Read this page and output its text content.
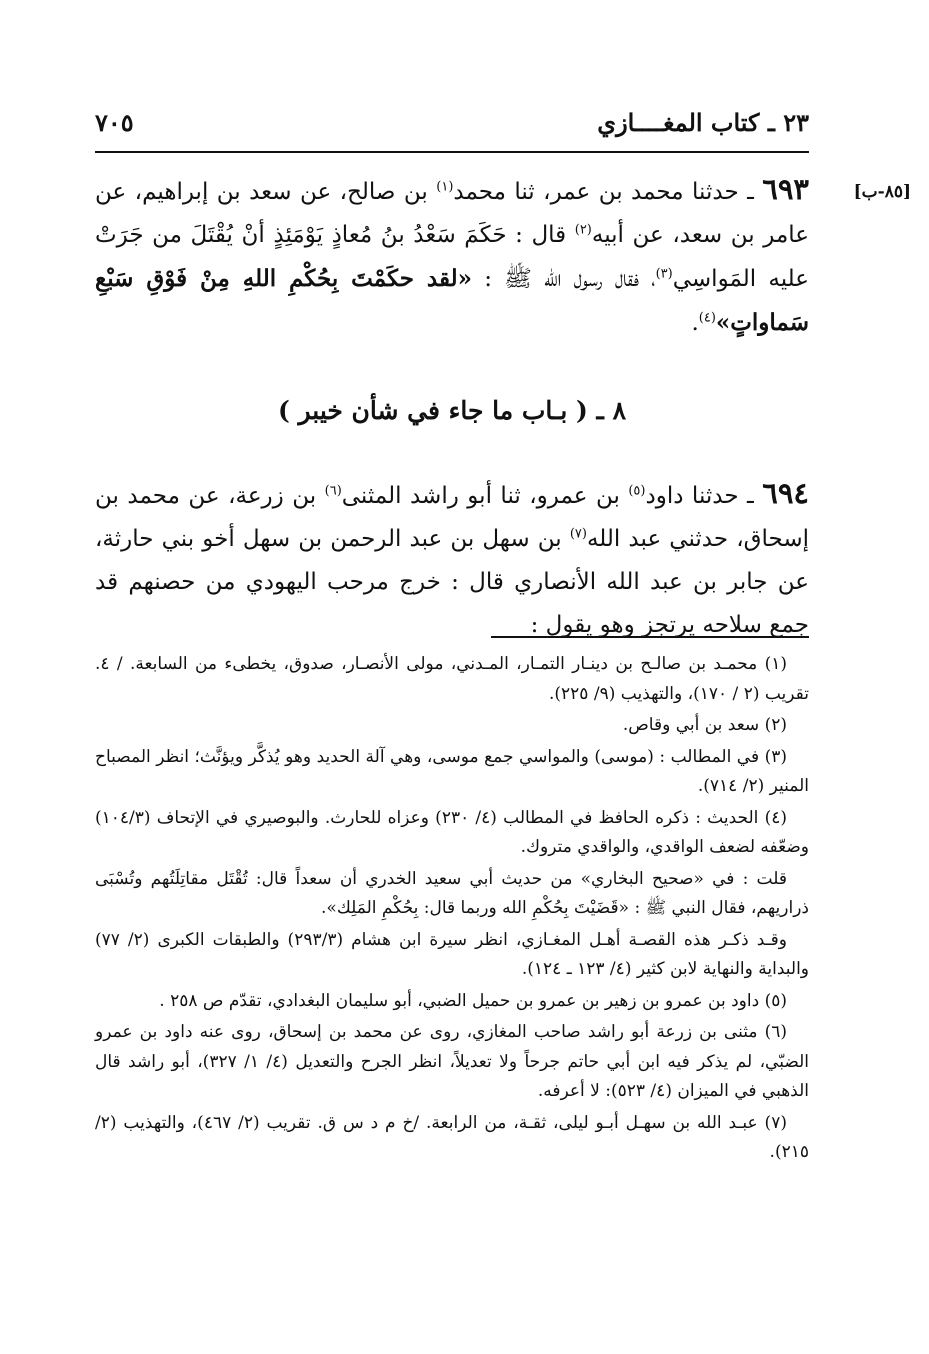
٢٣ ـ كتاب المغــــازي
٧٠٥
[٨٥-ب]

٦٩٣ ـ حدثنا محمد بن عمر، ثنا محمد$^{(١)}$ بن صالح، عن سعد بن إبراهيم، عن عامر بن سعد، عن أبيه$^{(٢)}$ قال : حَكَمَ سَعْدُ بنُ مُعاذٍ يَوْمَئِذٍ أنْ يُقْتَلَ من جَرَتْ عليه المَواسِي$^{(٣)}$، فقال رسول الله ﷺ : «لقد حكَمْتَ بِحُكْمِ اللهِ مِنْ فَوْقِ سَبْعِ سَماواتٍ»$^{(٤)}$.

٨ ـ ( بـاب ما جاء في شأن خيبر )

٦٩٤ ـ حدثنا داود$^{(٥)}$ بن عمرو، ثنا أبو راشد المثنى$^{(٦)}$ بن زرعة، عن محمد بن إسحاق، حدثني عبد الله$^{(٧)}$ بن سهل بن عبد الرحمن بن سهل أخو بني حارثة، عن جابر بن عبد الله الأنصاري قال : خرج مرحب اليهودي من حصنهم قد جمع سلاحه يرتجز وهو يقول :

(١) محمـد بن صالـح بن دينـار التمـار، المـدني، مولى الأنصـار، صدوق، يخطىء من السابعة. / ٤. تقريب (٢ / ١٧٠)، والتهذيب (٩/ ٢٢٥).

(٢) سعد بن أبي وقاص.

(٣) في المطالب : (موسى) والمواسي جمع موسى، وهي آلة الحديد وهو يُذكَّر ويؤنَّث؛ انظر المصباح المنير (٢/ ٧١٤).

(٤) الحديث : ذكره الحافظ في المطالب (٤/ ٢٣٠) وعزاه للحارث. والبوصيري في الإتحاف (١٠٤/٣) وضعّفه لضعف الواقدي، والواقدي متروك.

قلت : في «صحيح البخاري» من حديث أبي سعيد الخدري أن سعداً قال: تُقْتَل مقاتِلَتُهم وتُسْبَى ذراريهم، فقال النبي ﷺ : «قَضَيْتَ بِحُكْمِ الله وربما قال: بِحُكْمِ المَلِك».

وقـد ذكـر هذه القصـة أهـل المغـازي، انظر سيرة ابن هشام (٢٩٣/٣) والطبقات الكبرى (٢/ ٧٧) والبداية والنهاية لابن كثير (٤/ ١٢٣ ـ ١٢٤).

(٥) داود بن عمرو بن زهير بن عمرو بن حميل الضبي، أبو سليمان البغدادي، تقدّم ص ٢٥٨ .

(٦) مثنى بن زرعة أبو راشد صاحب المغازي، روى عن محمد بن إسحاق، روى عنه داود بن عمرو الضبّي، لم يذكر فيه ابن أبي حاتم جرحاً ولا تعديلاً، انظر الجرح والتعديل (٤/ ١/ ٣٢٧)، أبو راشد قال الذهبي في الميزان (٤/ ٥٢٣): لا أعرفه.

(٧) عبـد الله بن سهـل أبـو ليلى، ثقـة، من الرابعة. /خ م د س ق. تقريب (٢/ ٤٦٧)، والتهذيب (٢/ ٢١٥).
